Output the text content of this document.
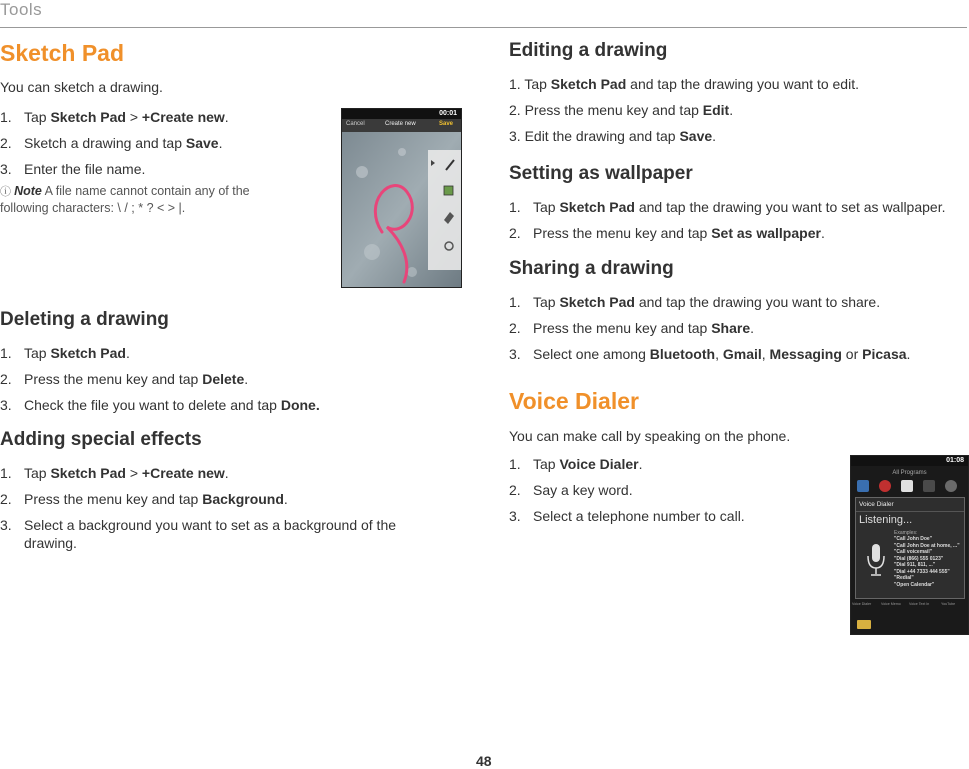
Tools
Sketch Pad
You can sketch a drawing.
1. Tap Sketch Pad > +Create new.
2. Sketch a drawing and tap Save.
3. Enter the file name.
ⓘ Note A file name cannot contain any of the following characters: \ / ; * ? < > |.
00:01
Cancel	Create new	Save
Deleting a drawing
1. Tap Sketch Pad.
2. Press the menu key and tap Delete.
3. Check the file you want to delete and tap Done.
Adding special effects
1. Tap Sketch Pad > +Create new.
2. Press the menu key and tap Background.
3. Select a background you want to set as a background of the drawing.
Editing a drawing
1. Tap Sketch Pad and tap the drawing you want to edit.
2. Press the menu key and tap Edit.
3. Edit the drawing and tap Save.
Setting as wallpaper
1. Tap Sketch Pad and tap the drawing you want to set as wallpaper.
2. Press the menu key and tap Set as wallpaper.
Sharing a drawing
1. Tap Sketch Pad and tap the drawing you want to share.
2. Press the menu key and tap Share.
3. Select one among Bluetooth, Gmail, Messaging or Picasa.
Voice Dialer
You can make call by speaking on the phone.
1. Tap Voice Dialer.
2. Say a key word.
3. Select a telephone number to call.
01:08
All Programs
Voice Dialer
Listening...
Examples:
"Call John Doe"
"Call John Doe at home, ..."
"Call voicemail"
"Dial (866) 555 0123"
"Dial 911, 811, ..."
"Dial +44 7333 444 555"
"Redial"
"Open Calendar"
Voice Dialer	Voice Memo Voice Text In	YouTube
48
